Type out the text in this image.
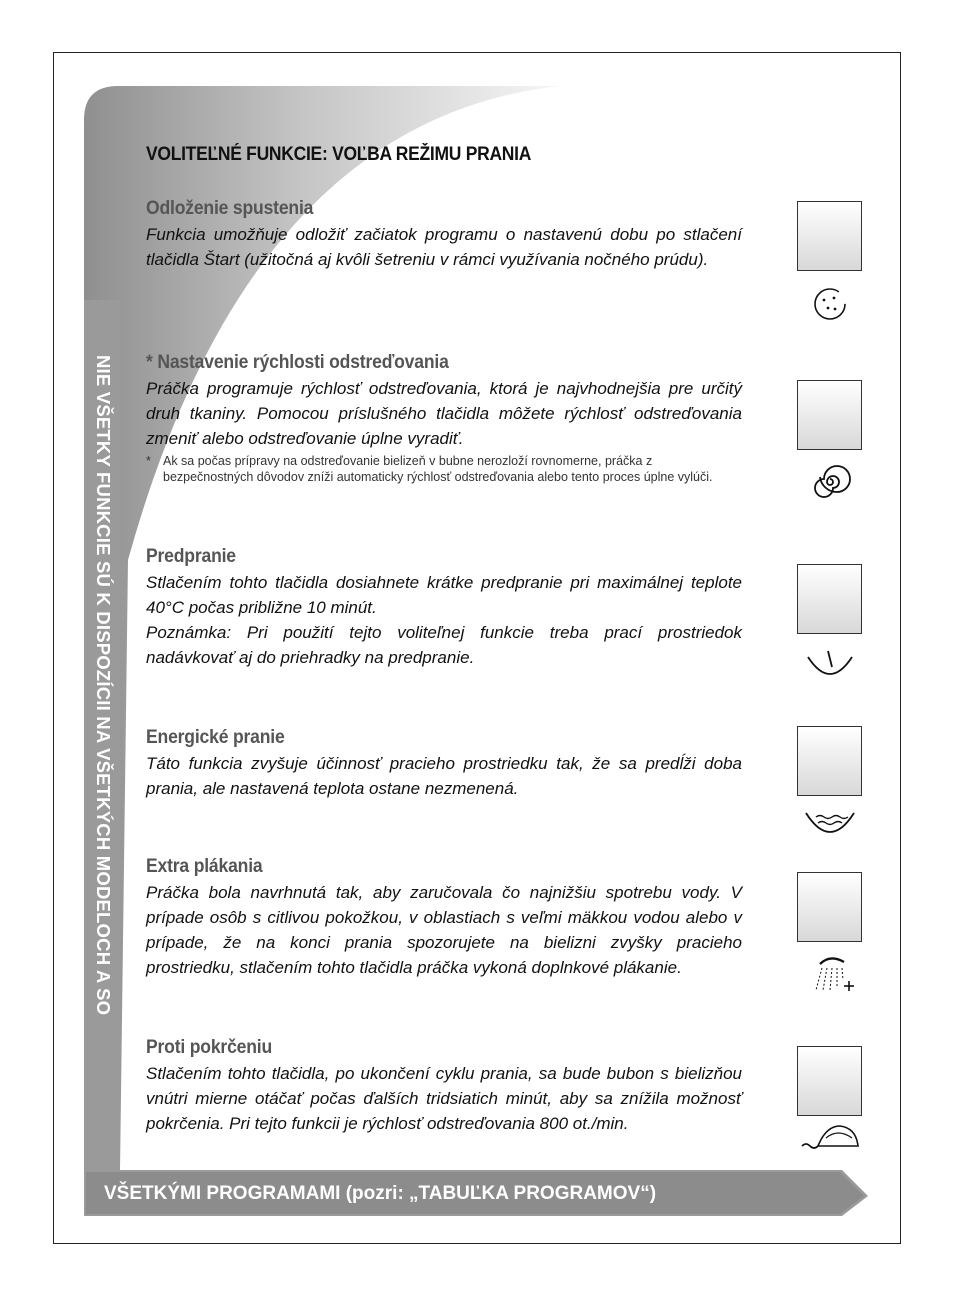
NIE VŠETKY FUNKCIE SÚ K DISPOZÍCII NA VŠETKÝCH MODELOCH A SO
VŠETKÝMI PROGRAMAMI (pozri: „TABUĽKA PROGRAMOV“)
VOLITEĽNÉ FUNKCIE: VOĽBA REŽIMU PRANIA
Odloženie spustenia

Funkcia umožňuje odložiť začiatok programu o nastavenú dobu po stlačení tlačidla Štart (užitočná aj kvôli šetreniu v rámci využívania nočného prúdu).

* Nastavenie rýchlosti odstreďovania

Práčka programuje rýchlosť odstreďovania, ktorá je najvhodnejšia pre určitý druh tkaniny. Pomocou príslušného tlačidla môžete rýchlosť odstreďovania zmeniť alebo odstreďovanie úplne vyradiť.

* Ak sa počas prípravy na odstreďovanie bielizeň v bubne nerozloží rovnomerne, práčka z bezpečnostných dôvodov zníži automaticky rýchlosť odstreďovania alebo tento proces úplne vylúči.
Predpranie

Stlačením tohto tlačidla dosiahnete krátke predpranie pri maximálnej teplote 40°C počas približne 10 minút.

Poznámka: Pri použití tejto voliteľnej funkcie treba prací prostriedok nadávkovať aj do priehradky na predpranie.

Energické pranie

Táto funkcia zvyšuje účinnosť pracieho prostriedku tak, že sa predĺži doba prania, ale nastavená teplota ostane nezmenená.

Extra plákania

Práčka bola navrhnutá tak, aby zaručovala čo najnižšiu spotrebu vody. V prípade osôb s citlivou pokožkou, v oblastiach s veľmi mäkkou vodou alebo v prípade, že na konci prania spozorujete na bielizni zvyšky pracieho prostriedku, stlačením tohto tlačidla práčka vykoná doplnkové plákanie.

Proti pokrčeniu

Stlačením tohto tlačidla, po ukončení cyklu prania, sa bude bubon s bielizňou vnútri mierne otáčať počas ďalších tridsiatich minút, aby sa znížila možnosť pokrčenia. Pri tejto funkcii je rýchlosť odstreďovania 800 ot./min.
